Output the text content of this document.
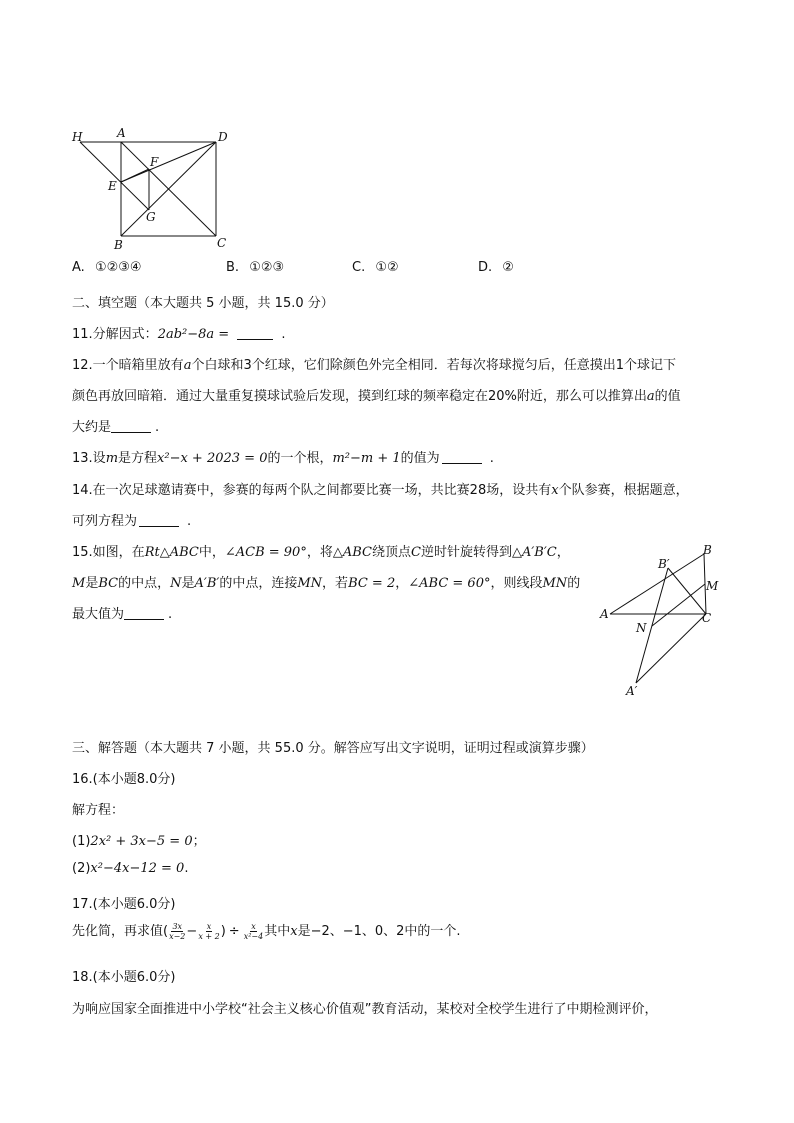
H	A	D
F
E
G
B	C
A. ①②③④	B. ①②③	C. ①②	D. ②
二、填空题（本大题共 5 小题，共 15.0 分）
11.分解因式：2ab²−8a =	.
12.一个暗箱里放有a个白球和3个红球，它们除颜色外完全相同．若每次将球搅匀后，任意摸出1个球记下
颜色再放回暗箱．通过大量重复摸球试验后发现，摸到红球的频率稳定在20%附近，那么可以推算出a的值
大约是	.
13.设m是方程x²−x + 2023 = 0的一个根，m²−m + 1的值为	.
14.在一次足球邀请赛中，参赛的每两个队之间都要比赛一场，共比赛28场，设共有x个队参赛，根据题意，
可列方程为	.
15.如图，在Rt△ABC中，∠ACB = 90°，将△ABC绕顶点C逆时针旋转得到△A′B′C，
M是BC的中点，N是A′B′的中点，连接MN，若BC = 2，∠ABC = 60°，则线段MN的
最大值为	.
B′
B
M
A
N
C
A′
三、解答题（本大题共 7 小题，共 55.0 分。解答应写出文字说明，证明过程或演算步骤）
16.(本小题8.0分)
解方程：
(1)2x² + 3x−5 = 0；
(2)x²−4x−12 = 0.
17.(本小题6.0分)
先化简，再求值( $\frac{3x}{x-2} - \frac{x}{x + 2}$ ) ÷ $\frac{x}{\text{x²−4}}$ 其中x是−2、−1、0、2中的一个.
18.(本小题6.0分)
为响应国家全面推进中小学校“社会主义核心价值观”教育活动，某校对全校学生进行了中期检测评价，
